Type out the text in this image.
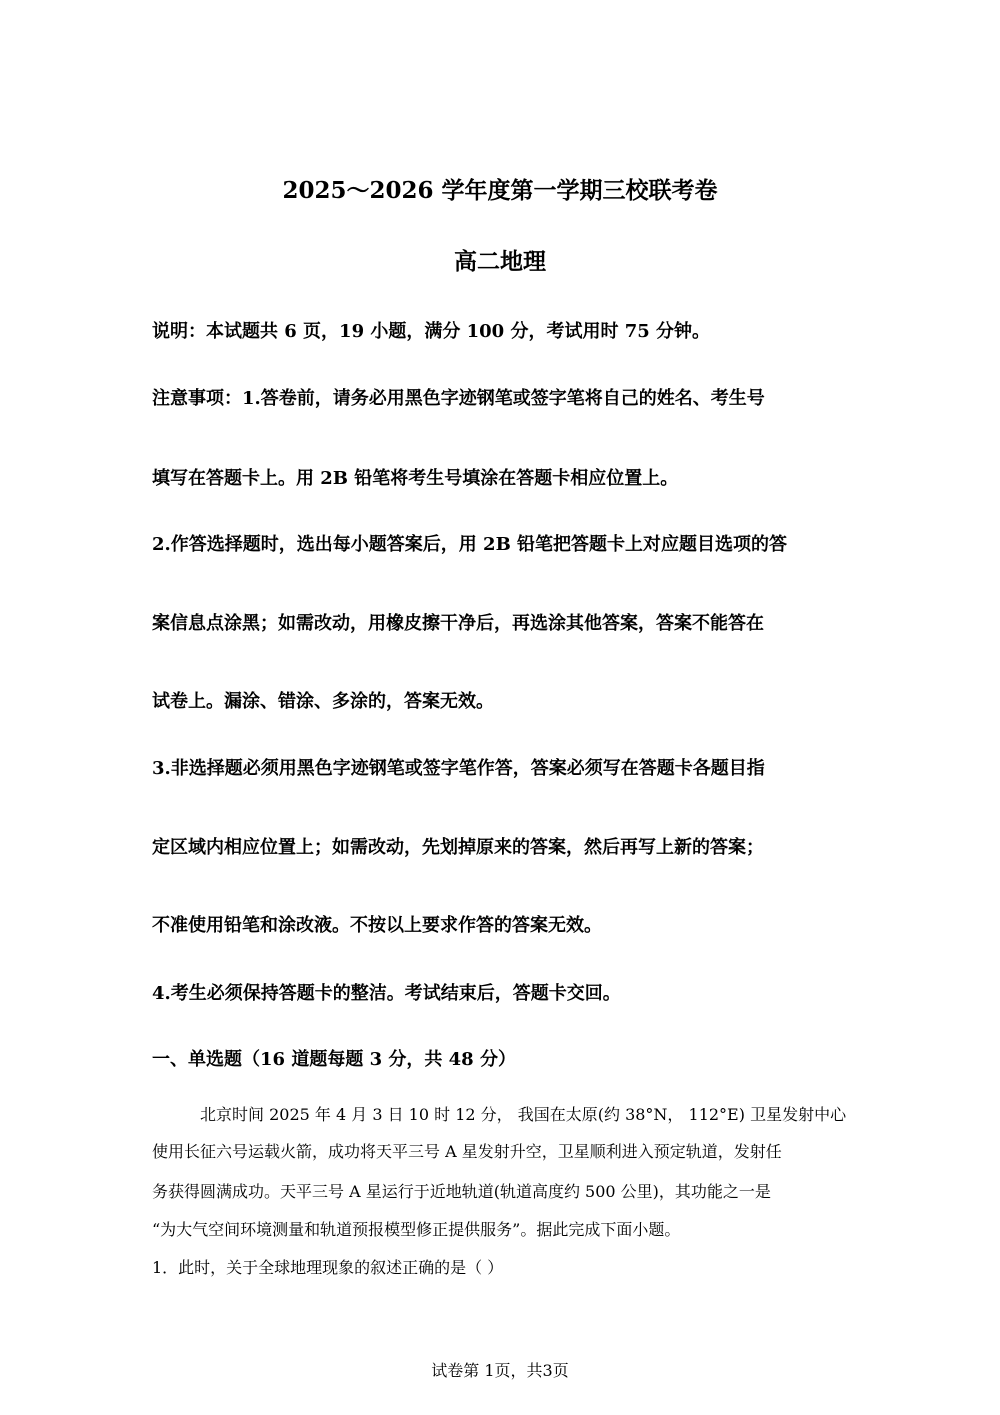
2025～2026 学年度第一学期三校联考卷
高二地理
说明：本试题共 6 页，19 小题，满分 100 分，考试用时 75 分钟。
注意事项：1.答卷前，请务必用黑色字迹钢笔或签字笔将自己的姓名、考生号
填写在答题卡上。用 2B 铅笔将考生号填涂在答题卡相应位置上。
2.作答选择题时，选出每小题答案后，用 2B 铅笔把答题卡上对应题目选项的答
案信息点涂黑；如需改动，用橡皮擦干净后，再选涂其他答案，答案不能答在
试卷上。漏涂、错涂、多涂的，答案无效。
3.非选择题必须用黑色字迹钢笔或签字笔作答，答案必须写在答题卡各题目指
定区域内相应位置上；如需改动，先划掉原来的答案，然后再写上新的答案；
不准使用铅笔和涂改液。不按以上要求作答的答案无效。
4.考生必须保持答题卡的整洁。考试结束后，答题卡交回。
一、单选题（16 道题每题 3 分，共 48 分）
北京时间 2025 年 4 月 3 日 10 时 12 分， 我国在太原(约 38°N， 112°E) 卫星发射中心
使用长征六号运载火箭，成功将天平三号 A 星发射升空，卫星顺利进入预定轨道，发射任
务获得圆满成功。天平三号 A 星运行于近地轨道(轨道高度约 500 公里)，其功能之一是
“为大气空间环境测量和轨道预报模型修正提供服务”。据此完成下面小题。
1．此时，关于全球地理现象的叙述正确的是（ ）
试卷第 1页，共3页
